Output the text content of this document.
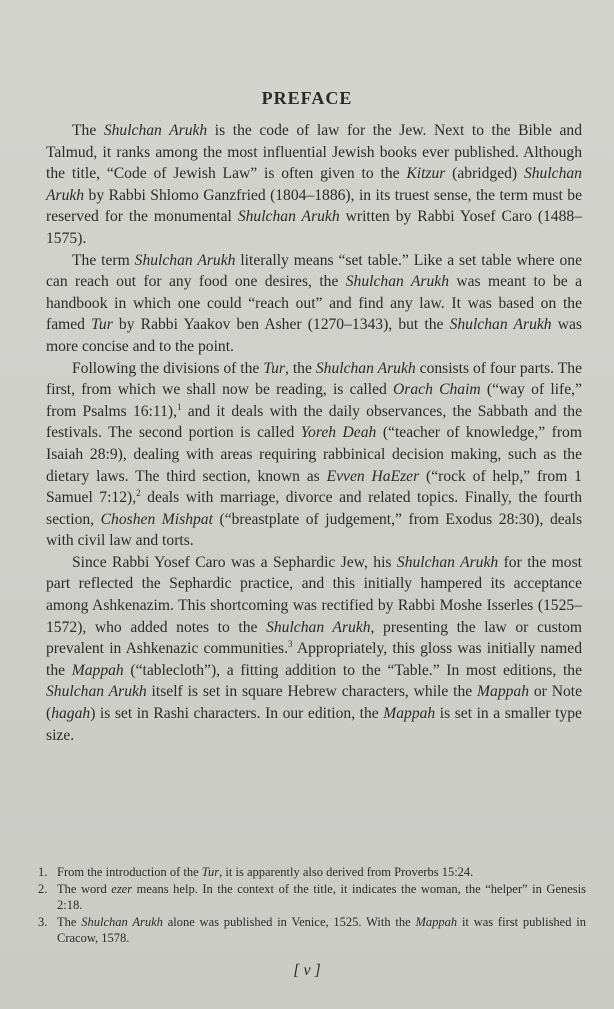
PREFACE

The Shulchan Arukh is the code of law for the Jew. Next to the Bible and Talmud, it ranks among the most influential Jewish books ever published. Although the title, “Code of Jewish Law” is often given to the Kitzur (abridged) Shulchan Arukh by Rabbi Shlomo Ganzfried (1804–1886), in its truest sense, the term must be reserved for the monumental Shulchan Arukh written by Rabbi Yosef Caro (1488–1575).

The term Shulchan Arukh literally means “set table.” Like a set table where one can reach out for any food one desires, the Shulchan Arukh was meant to be a handbook in which one could “reach out” and find any law. It was based on the famed Tur by Rabbi Yaakov ben Asher (1270–1343), but the Shulchan Arukh was more concise and to the point.

Following the divisions of the Tur, the Shulchan Arukh consists of four parts. The first, from which we shall now be reading, is called Orach Chaim (“way of life,” from Psalms 16:11),$^1$ and it deals with the daily observances, the Sabbath and the festivals. The second portion is called Yoreh Deah (“teacher of knowledge,” from Isaiah 28:9), dealing with areas requiring rabbinical decision making, such as the dietary laws. The third section, known as Evven HaEzer (“rock of help,” from 1 Samuel 7:12),$^2$ deals with marriage, divorce and related topics. Finally, the fourth section, Choshen Mishpat (“breastplate of judgement,” from Exodus 28:30), deals with civil law and torts.

Since Rabbi Yosef Caro was a Sephardic Jew, his Shulchan Arukh for the most part reflected the Sephardic practice, and this initially hampered its acceptance among Ashkenazim. This shortcoming was rectified by Rabbi Moshe Isserles (1525–1572), who added notes to the Shulchan Arukh, presenting the law or custom prevalent in Ashkenazic communities.$^3$ Appropriately, this gloss was initially named the Mappah (“tablecloth”), a fitting addition to the “Table.” In most editions, the Shulchan Arukh itself is set in square Hebrew characters, while the Mappah or Note (hagah) is set in Rashi characters. In our edition, the Mappah is set in a smaller type size.

1. From the introduction of the Tur, it is apparently also derived from Proverbs 15:24.
2. The word ezer means help. In the context of the title, it indicates the woman, the “helper” in Genesis 2:18.
3. The Shulchan Arukh alone was published in Venice, 1525. With the Mappah it was first published in Cracow, 1578.
[ v ]
